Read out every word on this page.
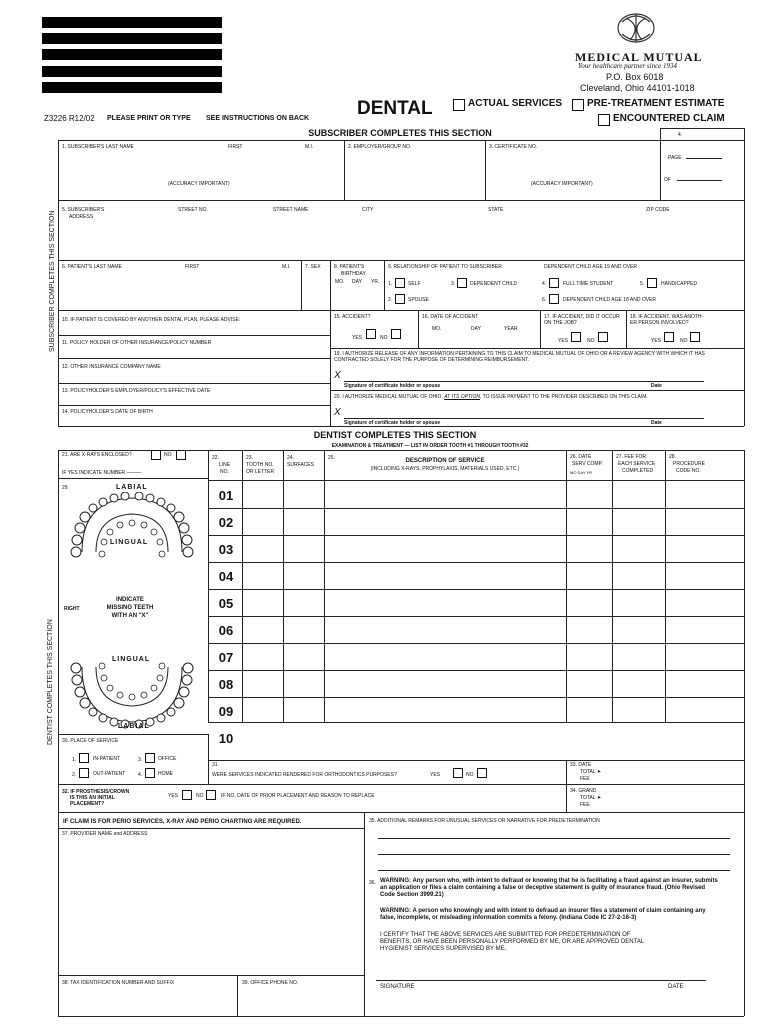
MEDICAL MUTUAL
Your healthcare partner since 1934
P.O. Box 6018
Cleveland, Ohio 44101-1018
Z3226 R12/02 PLEASE PRINT OR TYPE SEE INSTRUCTIONS ON BACK	DENTAL	ACTUAL SERVICES PRE-TREATMENT ESTIMATE
ENCOUNTERED CLAIM
SUBSCRIBER COMPLETES THIS SECTION
SUBSCRIBER COMPLETES THIS SECTION
1. SUBSCRIBER'S LAST NAME	FIRST	M.I.	2. EMPLOYER/GROUP NO.	3. CERTIFICATE NO.
4.
PAGE
OF
(ACCURACY IMPORTANT)	(ACCURACY IMPORTANT)
5. SUBSCRIBER'S
ADDRESS
STREET NO.	STREET NAME	CITY	STATE	ZIP CODE
6. PATIENT'S LAST NAME	FIRST	M.I.	7. SEX	8. PATIENT'S
BIRTHDAY
MO. DAY YR.
9. RELATIONSHIP OF PATIENT TO SUBSCRIBER	DEPENDENT CHILD AGE 19 AND OVER
1.	SELF	3.	DEPENDENT CHILD	4.	FULL TIME STUDENT	5.	HANDICAPPED
2.	SPOUSE	6.	DEPENDENT CHILD AGE 18 AND OVER
10. IF PATIENT IS COVERED BY ANOTHER DENTAL PLAN, PLEASE ADVISE:	15. ACCIDENT?	16. DATE OF ACCIDENT
MO.	DAY	YEAR
17. IF ACCIDENT, DID IT OCCUR ON THE JOB?
18. IF ACCIDENT, WAS ANOTH-ER PERSON INVOLVED?
YES	NO	YES	NO	YES	NO
11. POLICY HOLDER OF OTHER INSURANCE/POLICY NUMBER
19. I AUTHORIZE RELEASE OF ANY INFORMATION PERTAINING TO THIS CLAIM TO MEDICAL MUTUAL OF OHIO OR A REVIEW AGENCY WITH WHICH IT HAS CONTRACTED SOLELY FOR THE PURPOSE OF DETERMINING REIMBURSEMENT.
12. OTHER INSURANCE COMPANY NAME
X
Signature of certificate holder or spouse	Date
13. POLICYHOLDER'S EMPLOYER/POLICY'S EFFECTIVE DATE
20. I AUTHORIZE MEDICAL MUTUAL OF OHIO, AT ITS OPTION, TO ISSUE PAYMENT TO THE PROVIDER DESCRIBED ON THIS CLAIM.
14. POLICYHOLDER'S DATE OF BIRTH	X
Signature of certificate holder or spouse	Date
DENTIST COMPLETES THIS SECTION
DENTIST COMPLETES THIS SECTION
EXAMINATION & TREATMENT — LIST IN ORDER TOOTH #1 THROUGH TOOTH #32
21. ARE X-RAYS ENCLOSED?	NO
IF YES INDICATE NUMBER ———
22.
LINE
NO.
23.
TOOTH NO.
OR LETTER
24.
SURFACES
25.	DESCRIPTION OF SERVICE
(INCLUDING X-RAYS, PROPHYLAXIS, MATERIALS USED, ETC.)
26. DATE
SERV COMP.
MO DAY YR
27. FEE FOR
EACH SERVICE
COMPLETED
28.
PROCEDURE
CODE NO.
01
02
03
04
05
06
07
08
09
10
29.	LABIAL
LINGUAL
INDICATE
MISSING TEETH
WITH AN "X"
RIGHT
LINGUAL
LABIAL
30. PLACE OF SERVICE
1.	IN-PATIENT	3.	OFFICE
2.	OUT-PATIENT	4.	HOME
31.
WERE SERVICES INDICATED RENDERED FOR ORTHODONTICS PURPOSES?	YES	NO
33. DATE
TOTAL ➤
FEE
32. IF PROSTHESIS/CROWN
IS THIS AN INITIAL
PLACEMENT?
YES	NO	IF NO, DATE OF PRIOR PLACEMENT AND REASON TO REPLACE
34. GRAND
TOTAL ➤
FEE
IF CLAIM IS FOR PERIO SERVICES, X-RAY AND PERIO CHARTING ARE REQUIRED.	35. ADDITIONAL REMARKS FOR UNUSUAL SERVICES OR NARRATIVE FOR PREDETERMINATION
37. PROVIDER NAME and ADDRESS
36. WARNING: Any person who, with intent to defraud or knowing that he is facilitating a fraud against an insurer, submits an application or files a claim containing a false or deceptive statement is guilty of insurance fraud. (Ohio Revised Code Section 3999.21)
WARNING: A person who knowingly and with intent to defraud an insurer files a statement of claim containing any false, incomplete, or misleading information commits a felony. (Indiana Code IC 27-2-16-3)
I CERTIFY THAT THE ABOVE SERVICES ARE SUBMITTED FOR PREDETERMINATION OF BENEFITS, OR HAVE BEEN PERSONALLY PERFORMED BY ME, OR ARE APPROVED DENTAL HYGIENIST SERVICES SUPERVISED BY ME.
38. TAX IDENTIFICATION NUMBER AND SUFFIX	39. OFFICE PHONE NO.
SIGNATURE	DATE
